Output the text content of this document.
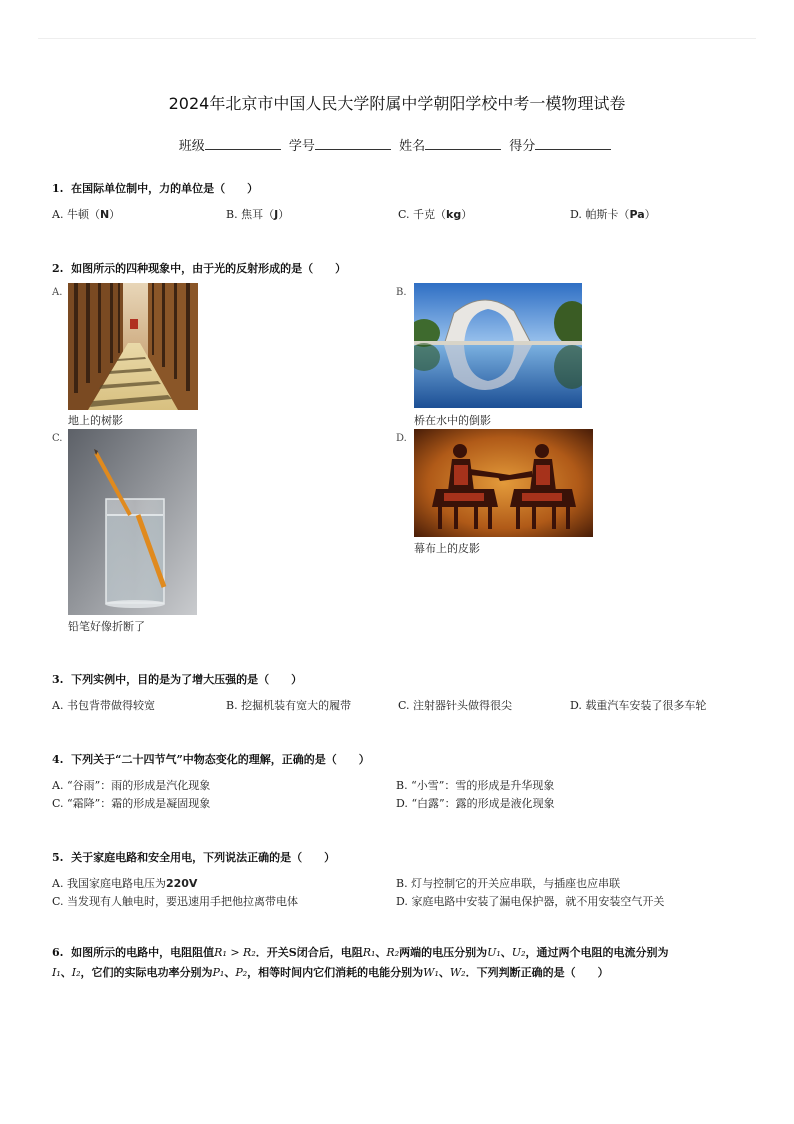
2024年北京市中国人民大学附属中学朝阳学校中考一模物理试卷
班级	学号	姓名	得分
1. 在国际单位制中，力的单位是（　　）
A. 牛顿（N）	B. 焦耳（J）	C. 千克（kg）	D. 帕斯卡（Pa）
2. 如图所示的四种现象中，由于光的反射形成的是（　　）
A.
地上的树影
B.
桥在水中的倒影
C.
铅笔好像折断了
D.
幕布上的皮影
3. 下列实例中，目的是为了增大压强的是（　　）
A. 书包背带做得较宽	B. 挖掘机装有宽大的履带	C. 注射器针头做得很尖	D. 载重汽车安装了很多车轮
4. 下列关于“二十四节气”中物态变化的理解，正确的是（　　）
A. “谷雨”：雨的形成是汽化现象	B. “小雪”：雪的形成是升华现象
C. “霜降”：霜的形成是凝固现象	D. “白露”：露的形成是液化现象
5. 关于家庭电路和安全用电，下列说法正确的是（　　）
A. 我国家庭电路电压为220V	B. 灯与控制它的开关应串联，与插座也应串联
C. 当发现有人触电时，要迅速用手把他拉离带电体	D. 家庭电路中安装了漏电保护器，就不用安装空气开关
6. 如图所示的电路中，电阻阻值R₁ > R₂．开关S闭合后，电阻R₁、R₂两端的电压分别为U₁、U₂，通过两个电阻的电流分别为
I₁、I₂，它们的实际电功率分别为P₁、P₂，相等时间内它们消耗的电能分别为W₁、W₂．下列判断正确的是（　　）
